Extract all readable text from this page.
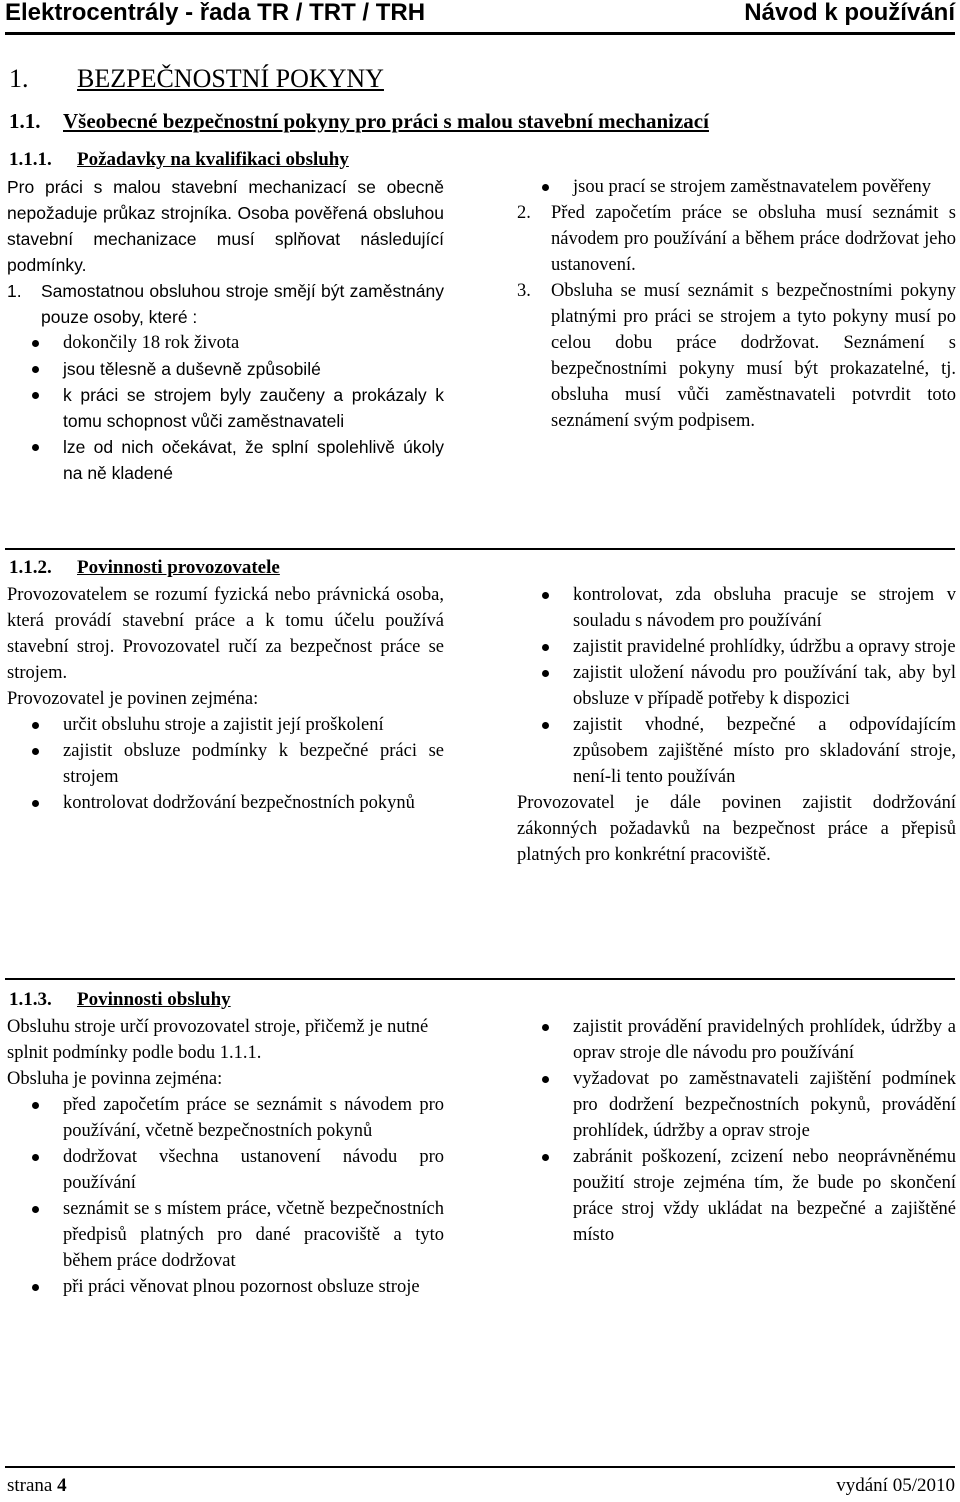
Elektrocentrály - řada TR / TRT / TRH	Návod k používání
1. BEZPEČNOSTNÍ POKYNY
1.1. Všeobecné bezpečnostní pokyny pro práci s malou stavební mechanizací
1.1.1. Požadavky na kvalifikaci obsluhy

Pro práci s malou stavební mechanizací se obecně nepožaduje průkaz strojníka. Osoba pověřená obsluhou stavební mechanizace musí splňovat následující podmínky.

1. Samostatnou obsluhou stroje smějí být zaměstnány pouze osoby, které :
dokončily 18 rok života
jsou tělesně a duševně způsobilé
k práci se strojem byly zaučeny a prokázaly k tomu schopnost vůči zaměstnavateli
lze od nich očekávat, že splní spolehlivě úkoly na ně kladené
jsou prací se strojem zaměstnavatelem pověřeny
2. Před započetím práce se obsluha musí seznámit s návodem pro používání a během práce dodržovat jeho ustanovení.
3. Obsluha se musí seznámit s bezpečnostními pokyny platnými pro práci se strojem a tyto pokyny musí po celou dobu práce dodržovat. Seznámení s bezpečnostními pokyny musí být prokazatelné, tj. obsluha musí vůči zaměstnavateli potvrdit toto seznámení svým podpisem.
1.1.2. Povinnosti provozovatele

Provozovatelem se rozumí fyzická nebo právnická osoba, která provádí stavební práce a k tomu účelu používá stavební stroj. Provozovatel ručí za bezpečnost práce se strojem.

Provozovatel je povinen zejména:

určit obsluhu stroje a zajistit její proškolení
zajistit obsluze podmínky k bezpečné práci se strojem
kontrolovat dodržování bezpečnostních pokynů
kontrolovat, zda obsluha pracuje se strojem v souladu s návodem pro používání
zajistit pravidelné prohlídky, údržbu a opravy stroje
zajistit uložení návodu pro používání tak, aby byl obsluze v případě potřeby k dispozici
zajistit vhodné, bezpečné a odpovídajícím způsobem zajištěné místo pro skladování stroje, není-li tento používán

Provozovatel je dále povinen zajistit dodržování zákonných požadavků na bezpečnost práce a přepisů platných pro konkrétní pracoviště.

1.1.3. Povinnosti obsluhy

Obsluhu stroje určí provozovatel stroje, přičemž je nutné splnit podmínky podle bodu 1.1.1.

Obsluha je povinna zejména:

před započetím práce se seznámit s návodem pro používání, včetně bezpečnostních pokynů
dodržovat všechna ustanovení návodu pro používání
seznámit se s místem práce, včetně bezpečnostních předpisů platných pro dané pracoviště a tyto během práce dodržovat
při práci věnovat plnou pozornost obsluze stroje
zajistit provádění pravidelných prohlídek, údržby a oprav stroje dle návodu pro používání
vyžadovat po zaměstnavateli zajištění podmínek pro dodržení bezpečnostních pokynů, provádění prohlídek, údržby a oprav stroje
zabránit poškození, zcizení nebo neoprávněnému použití stroje zejména tím, že bude po skončení práce stroj vždy ukládat na bezpečné a zajištěné místo
strana 4	vydání 05/2010
